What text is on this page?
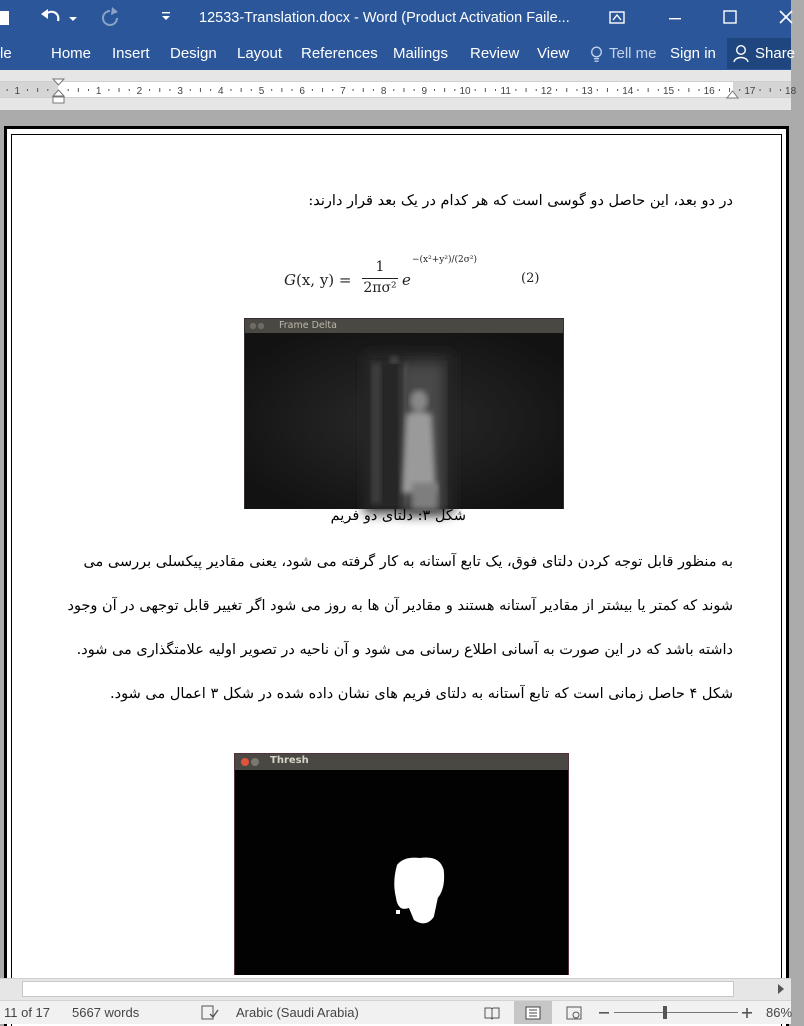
12533-Translation.docx - Word (Product Activation Faile...
le	Home Insert Design Layout References Mailings Review View	Tell me Sign in	Share
1	1	2	3	4	5	6	7	8	9	10	11	12	13	14	15	16	17	18
در دو بعد، این حاصل دو گوسی است که هر کدام در یک بعد قرار دارند:
G(x, y) =
1
2πσ² e
−(x²+y²)/(2σ²)
(2)
Frame Delta
شکل ۳: دلتای دو فریم
به منظور قابل توجه کردن دلتای فوق، یک تابع آستانه به کار گرفته می شود، یعنی مقادیر پیکسلی بررسی می
شوند که کمتر یا بیشتر از مقادیر آستانه هستند و مقادیر آن ها به روز می شود اگر تغییر قابل توجهی در آن وجود
داشته باشد که در این صورت به آسانی اطلاع رسانی می شود و آن ناحیه در تصویر اولیه علامتگذاری می شود.
شکل ۴ حاصل زمانی است که تابع آستانه به دلتای فریم های نشان داده شده در شکل ۳ اعمال می شود.
Thresh
11 of 17 5667 words	Arabic (Saudi Arabia)	86%
